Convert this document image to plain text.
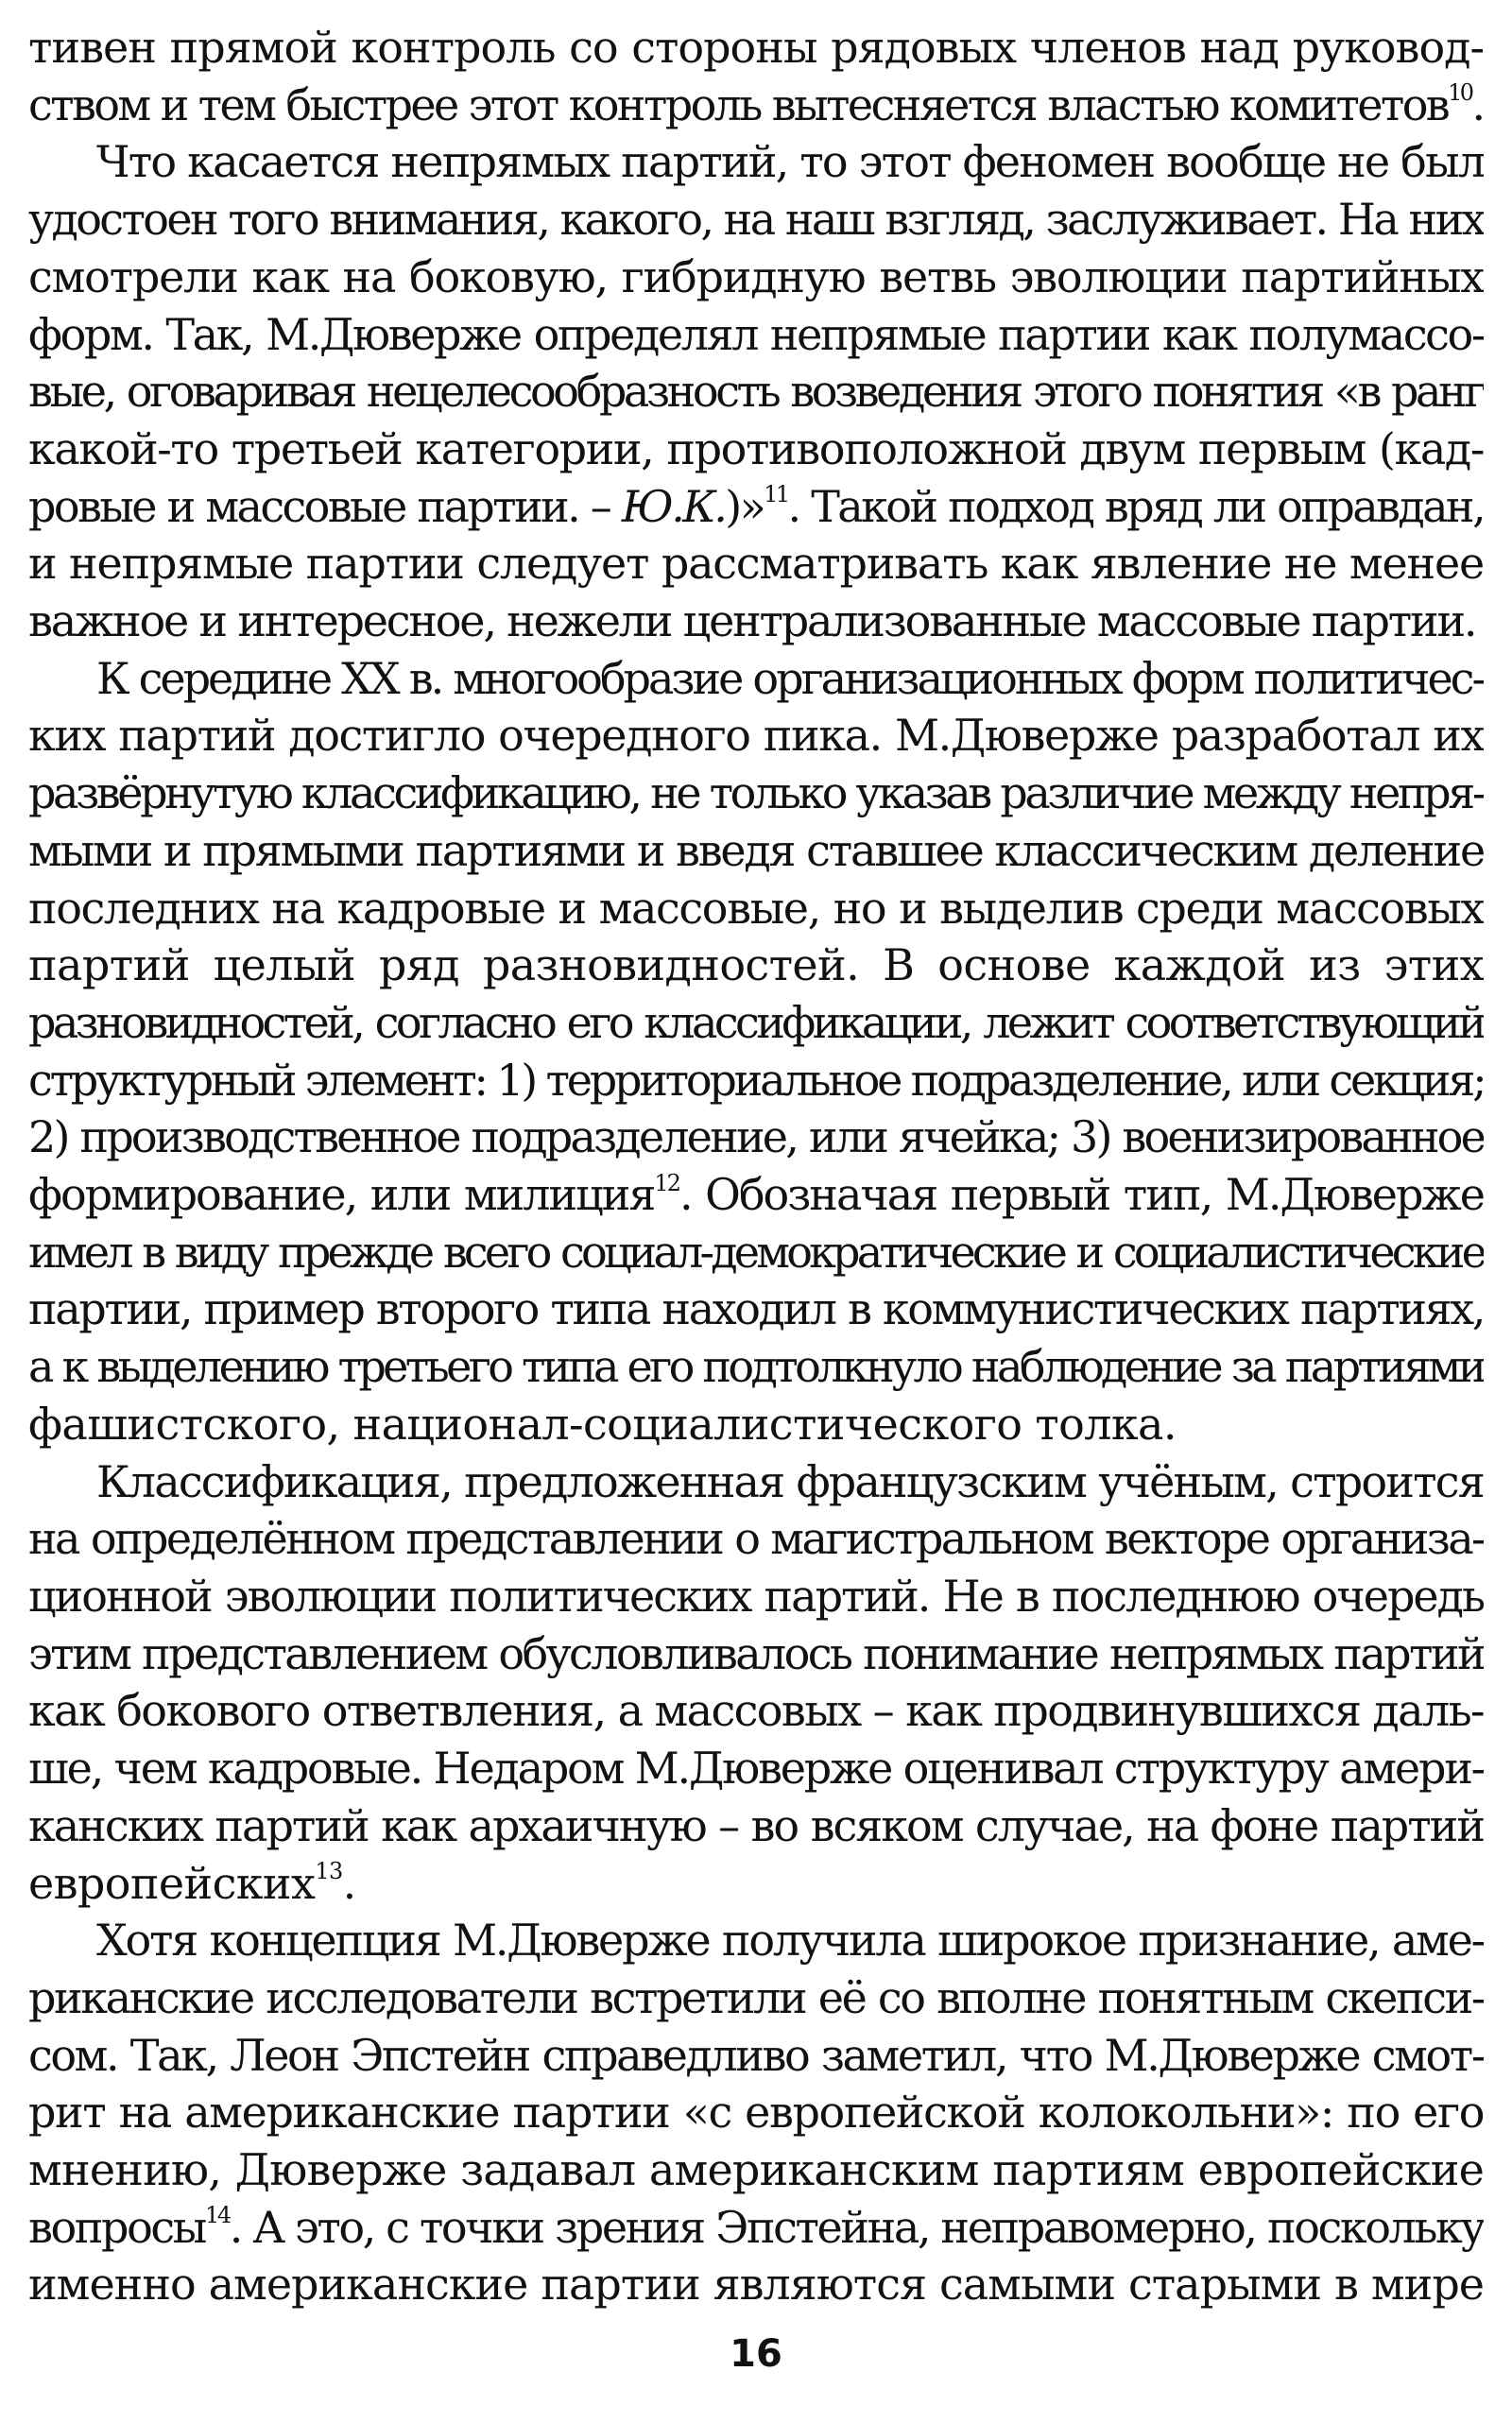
тивен прямой контроль со стороны рядовых членов над руковод-
ством и тем быстрее этот контроль вытесняется властью комитетов$^{10}$.
Что касается непрямых партий, то этот феномен вообще не был
удостоен того внимания, какого, на наш взгляд, заслуживает. На них
смотрели как на боковую, гибридную ветвь эволюции партийных
форм. Так, М.Дюверже определял непрямые партии как полумассо-
вые, оговаривая нецелесообразность возведения этого понятия «в ранг
какой-то третьей категории, противоположной двум первым (кад-
ровые и массовые партии. – Ю.К.)»$^{11}$. Такой подход вряд ли оправдан,
и непрямые партии следует рассматривать как явление не менее
важное и интересное, нежели централизованные массовые партии.
К середине XX в. многообразие организационных форм политичес-
ких партий достигло очередного пика. М.Дюверже разработал их
развёрнутую классификацию, не только указав различие между непря-
мыми и прямыми партиями и введя ставшее классическим деление
последних на кадровые и массовые, но и выделив среди массовых
партий целый ряд разновидностей. В основе каждой из этих
разновидностей, согласно его классификации, лежит соответствующий
структурный элемент: 1) территориальное подразделение, или секция;
2) производственное подразделение, или ячейка; 3) военизированное
формирование, или милиция$^{12}$. Обозначая первый тип, М.Дюверже
имел в виду прежде всего социал-демократические и социалистические
партии, пример второго типа находил в коммунистических партиях,
а к выделению третьего типа его подтолкнуло наблюдение за партиями
фашистского, национал-социалистического толка.
Классификация, предложенная французским учёным, строится
на определённом представлении о магистральном векторе организа-
ционной эволюции политических партий. Не в последнюю очередь
этим представлением обусловливалось понимание непрямых партий
как бокового ответвления, а массовых – как продвинувшихся даль-
ше, чем кадровые. Недаром М.Дюверже оценивал структуру амери-
канских партий как архаичную – во всяком случае, на фоне партий
европейских$^{13}$.
Хотя концепция М.Дюверже получила широкое признание, аме-
риканские исследователи встретили её со вполне понятным скепси-
сом. Так, Леон Эпстейн справедливо заметил, что М.Дюверже смот-
рит на американские партии «с европейской колокольни»: по его
мнению, Дюверже задавал американским партиям европейские
вопросы$^{14}$. А это, с точки зрения Эпстейна, неправомерно, поскольку
именно американские партии являются самыми старыми в мире
16
